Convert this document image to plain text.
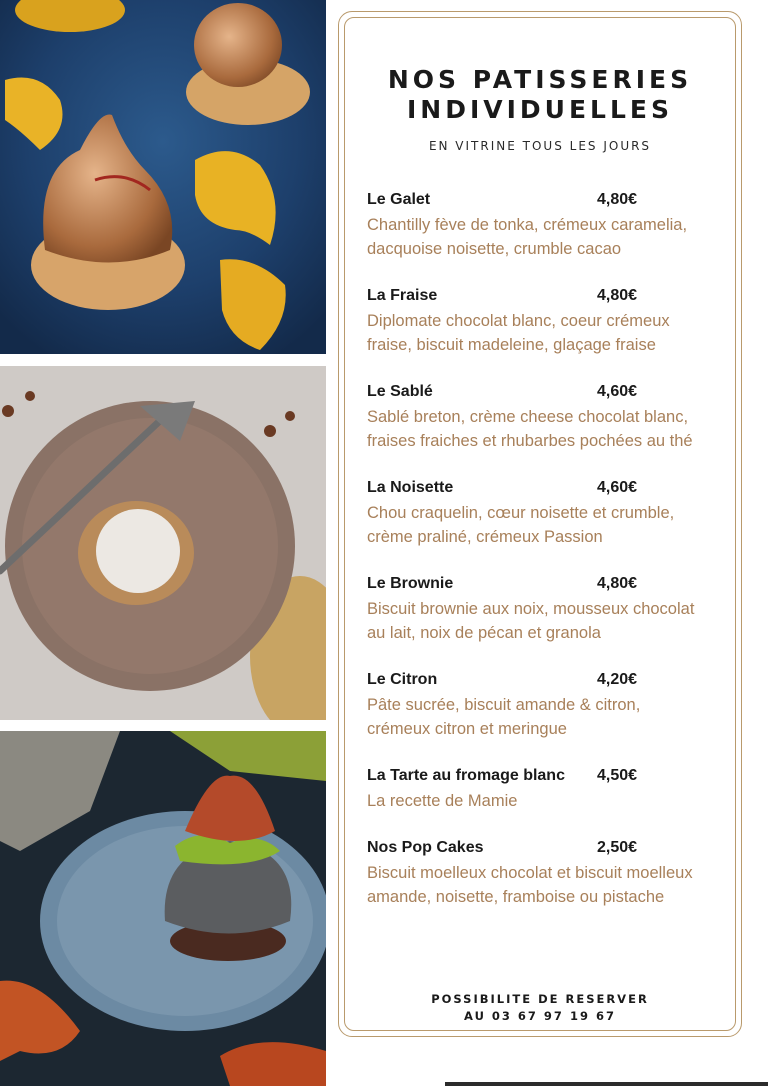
NOS PATISSERIES
INDIVIDUELLES
EN VITRINE TOUS LES JOURS
Le Galet	4,80€
Chantilly fève de tonka, crémeux caramelia,
dacquoise noisette, crumble cacao
La Fraise	4,80€
Diplomate chocolat blanc, coeur crémeux
fraise, biscuit madeleine, glaçage fraise
Le Sablé	4,60€
Sablé breton, crème cheese chocolat blanc,
fraises fraiches et rhubarbes pochées au thé
La Noisette	4,60€
Chou craquelin, cœur noisette et crumble,
crème praliné, crémeux Passion
Le Brownie	4,80€
Biscuit brownie aux noix, mousseux chocolat
au lait, noix de pécan et granola
Le Citron	4,20€
Pâte sucrée, biscuit amande & citron,
crémeux citron et meringue
La Tarte au fromage blanc	4,50€
La recette de Mamie
Nos Pop Cakes	2,50€
Biscuit moelleux chocolat et biscuit moelleux
amande, noisette, framboise ou pistache
POSSIBILITE DE RESERVER
AU 03 67 97 19 67
